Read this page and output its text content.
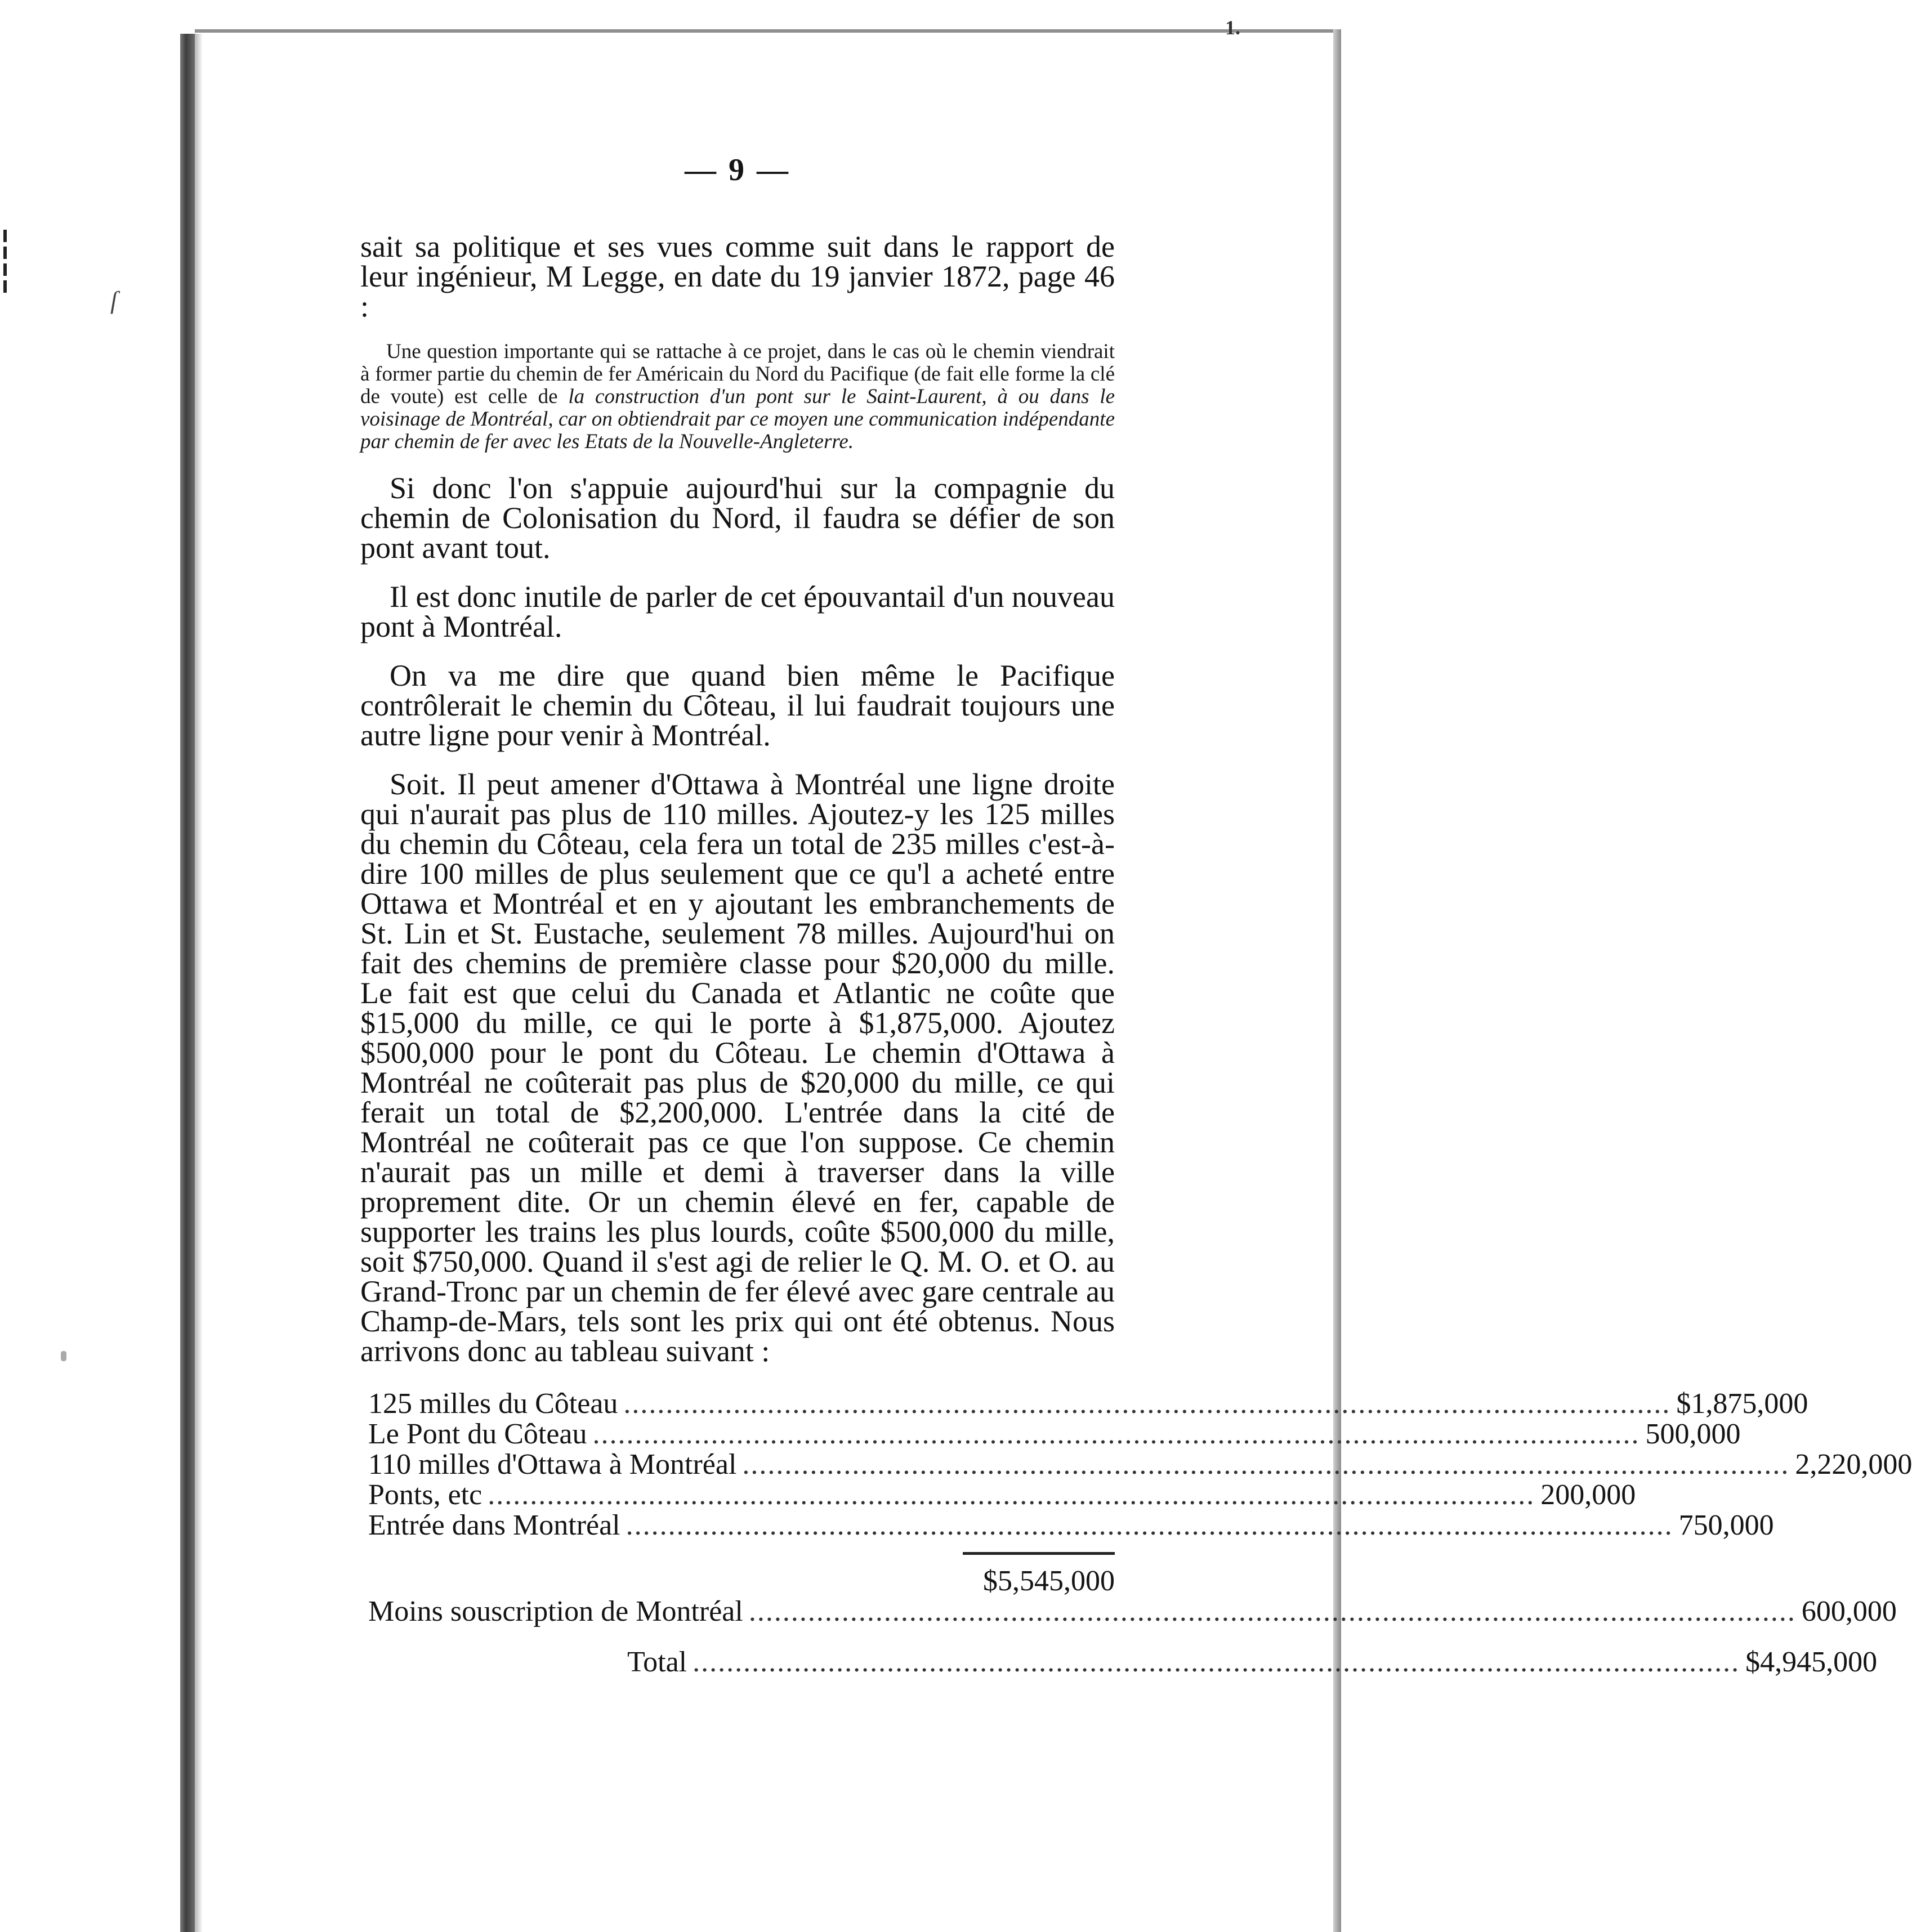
ſ
1.
— 9 —

sait sa politique et ses vues comme suit dans le rapport de leur ingénieur, M Legge, en date du 19 janvier 1872, page 46 :

Une question importante qui se rattache à ce projet, dans le cas où le chemin viendrait à former partie du chemin de fer Américain du Nord du Pacifique (de fait elle forme la clé de voute) est celle de la construction d'un pont sur le Saint-Laurent, à ou dans le voisinage de Montréal, car on obtiendrait par ce moyen une communication indépendante par chemin de fer avec les Etats de la Nouvelle-Angleterre.

Si donc l'on s'appuie aujourd'hui sur la compagnie du chemin de Colonisation du Nord, il faudra se défier de son pont avant tout.

Il est donc inutile de parler de cet épouvantail d'un nouveau pont à Montréal.

On va me dire que quand bien même le Pacifique contrôlerait le chemin du Côteau, il lui faudrait toujours une autre ligne pour venir à Montréal.

Soit. Il peut amener d'Ottawa à Montréal une ligne droite qui n'aurait pas plus de 110 milles. Ajoutez-y les 125 milles du chemin du Côteau, cela fera un total de 235 milles c'est-à-dire 100 milles de plus seulement que ce qu'l a acheté entre Ottawa et Montréal et en y ajoutant les embranchements de St. Lin et St. Eustache, seulement 78 milles. Aujourd'hui on fait des chemins de première classe pour $20,000 du mille. Le fait est que celui du Canada et Atlantic ne coûte que $15,000 du mille, ce qui le porte à $1,875,000. Ajoutez $500,000 pour le pont du Côteau. Le chemin d'Ottawa à Montréal ne coûterait pas plus de $20,000 du mille, ce qui ferait un total de $2,200,000. L'entrée dans la cité de Montréal ne coûterait pas ce que l'on suppose. Ce chemin n'aurait pas un mille et demi à traverser dans la ville proprement dite. Or un chemin élevé en fer, capable de supporter les trains les plus lourds, coûte $500,000 du mille, soit $750,000. Quand il s'est agi de relier le Q. M. O. et O. au Grand-Tronc par un chemin de fer élevé avec gare centrale au Champ-de-Mars, tels sont les prix qui ont été obtenus. Nous arrivons donc au tableau suivant :

125 milles du Côteau ............................................................................................................................ $1,875,000
Le Pont du Côteau ............................................................................................................................ 500,000
110 milles d'Ottawa à Montréal ............................................................................................................................ 2,220,000
Ponts, etc ............................................................................................................................ 200,000
Entrée dans Montréal ............................................................................................................................ 750,000
$5,545,000
Moins souscription de Montréal ............................................................................................................................ 600,000
Total ............................................................................................................................ $4,945,000
